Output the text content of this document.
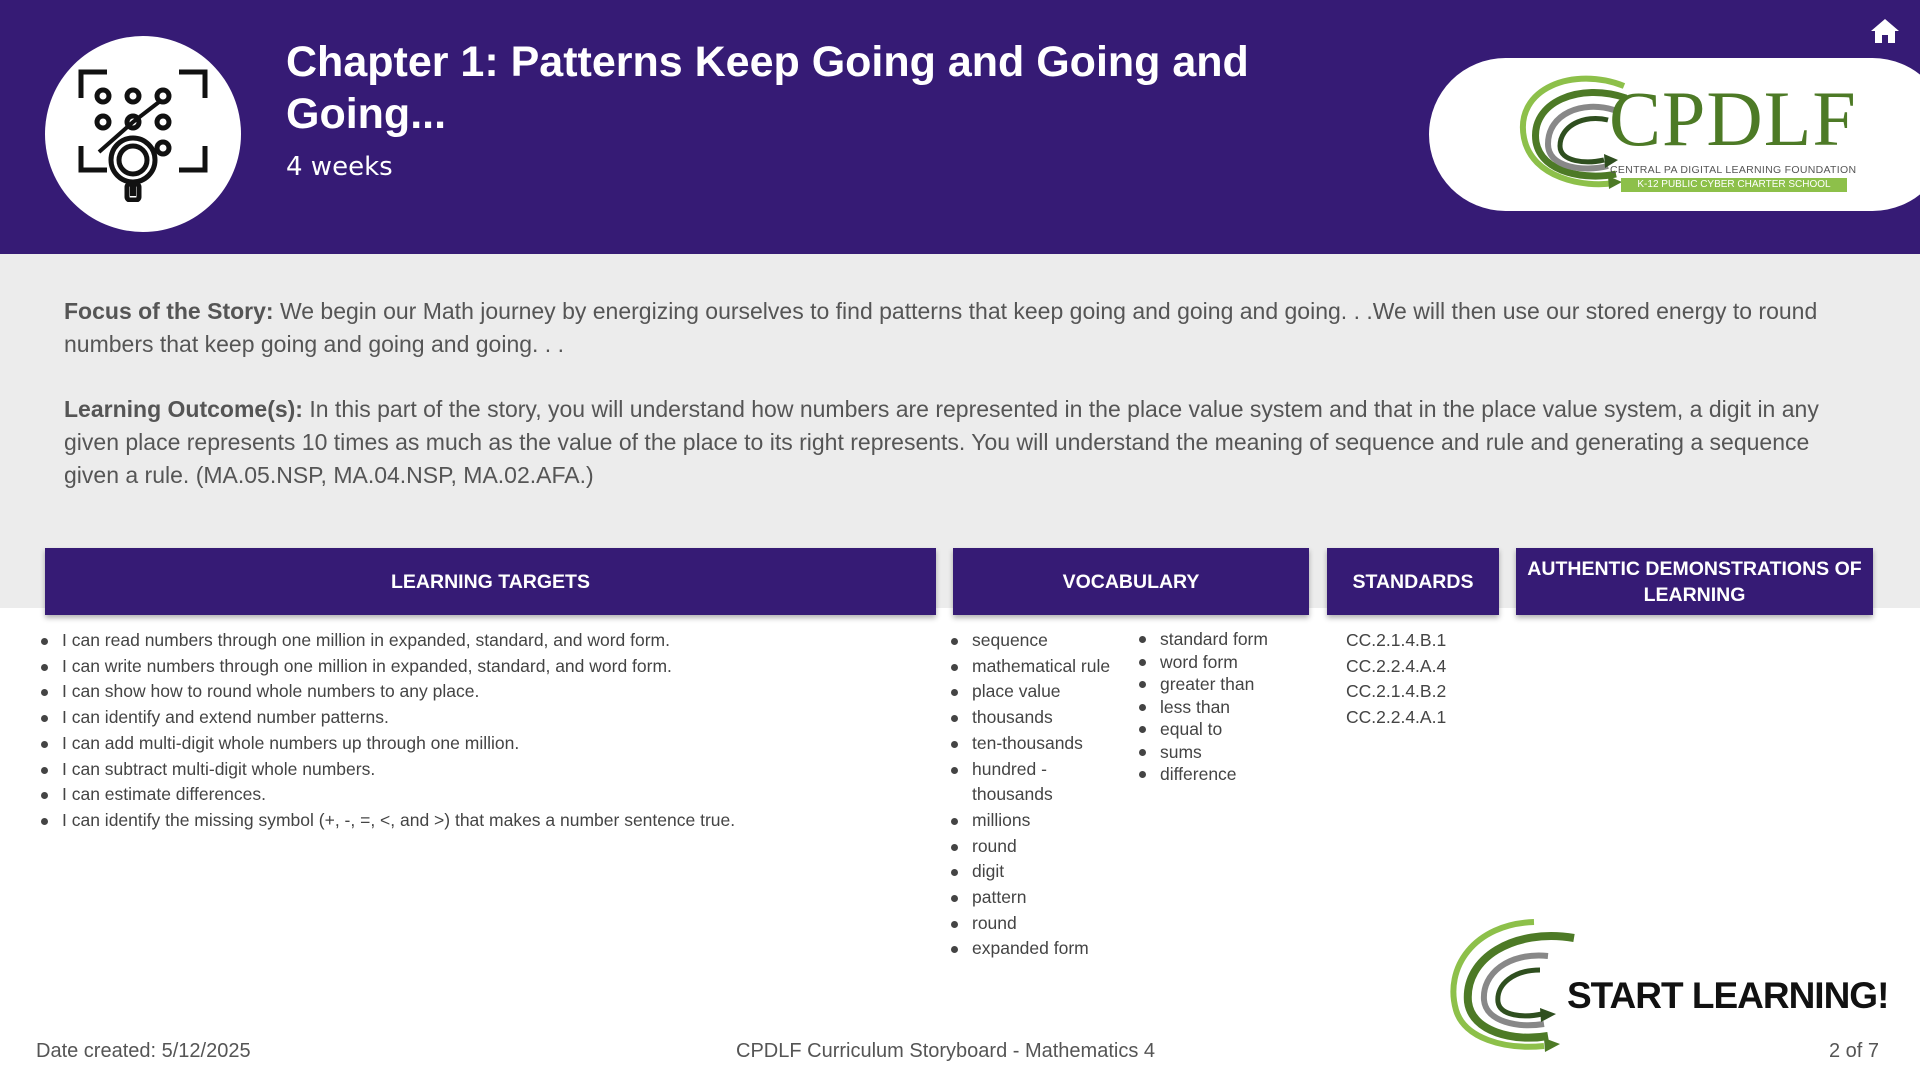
Chapter 1: Patterns Keep Going and Going and Going...
4 weeks
CPDLF
CENTRAL PA DIGITAL LEARNING FOUNDATION
K-12 PUBLIC CYBER CHARTER SCHOOL
Focus of the Story: We begin our Math journey by energizing ourselves to find patterns that keep going and going and going. . .We will then use our stored energy to round numbers that keep going and going and going. . .
Learning Outcome(s): In this part of the story, you will understand how numbers are represented in the place value system and that in the place value system, a digit in any given place represents 10 times as much as the value of the place to its right represents. You will understand the meaning of sequence and rule and generating a sequence given a rule. (MA.05.NSP, MA.04.NSP, MA.02.AFA.)
LEARNING TARGETS	VOCABULARY	STANDARDS
AUTHENTIC DEMONSTRATIONS OF LEARNING
I can read numbers through one million in expanded, standard, and word form.
I can write numbers through one million in expanded, standard, and word form.
I can show how to round whole numbers to any place.
I can identify and extend number patterns.
I can add multi-digit whole numbers up through one million.
I can subtract multi-digit whole numbers.
I can estimate differences.
I can identify the missing symbol (+, -, =, <, and >) that makes a number sentence true.
sequence
mathematical rule
place value
thousands
ten-thousands
hundred -thousands
millions
round
digit
pattern
round
expanded form
standard form
word form
greater than
less than
equal to
sums
difference
CC.2.1.4.B.1
CC.2.2.4.A.4
CC.2.1.4.B.2
CC.2.2.4.A.1
START LEARNING!
Date created: 5/12/2025	CPDLF Curriculum Storyboard - Mathematics 4	2 of 7
